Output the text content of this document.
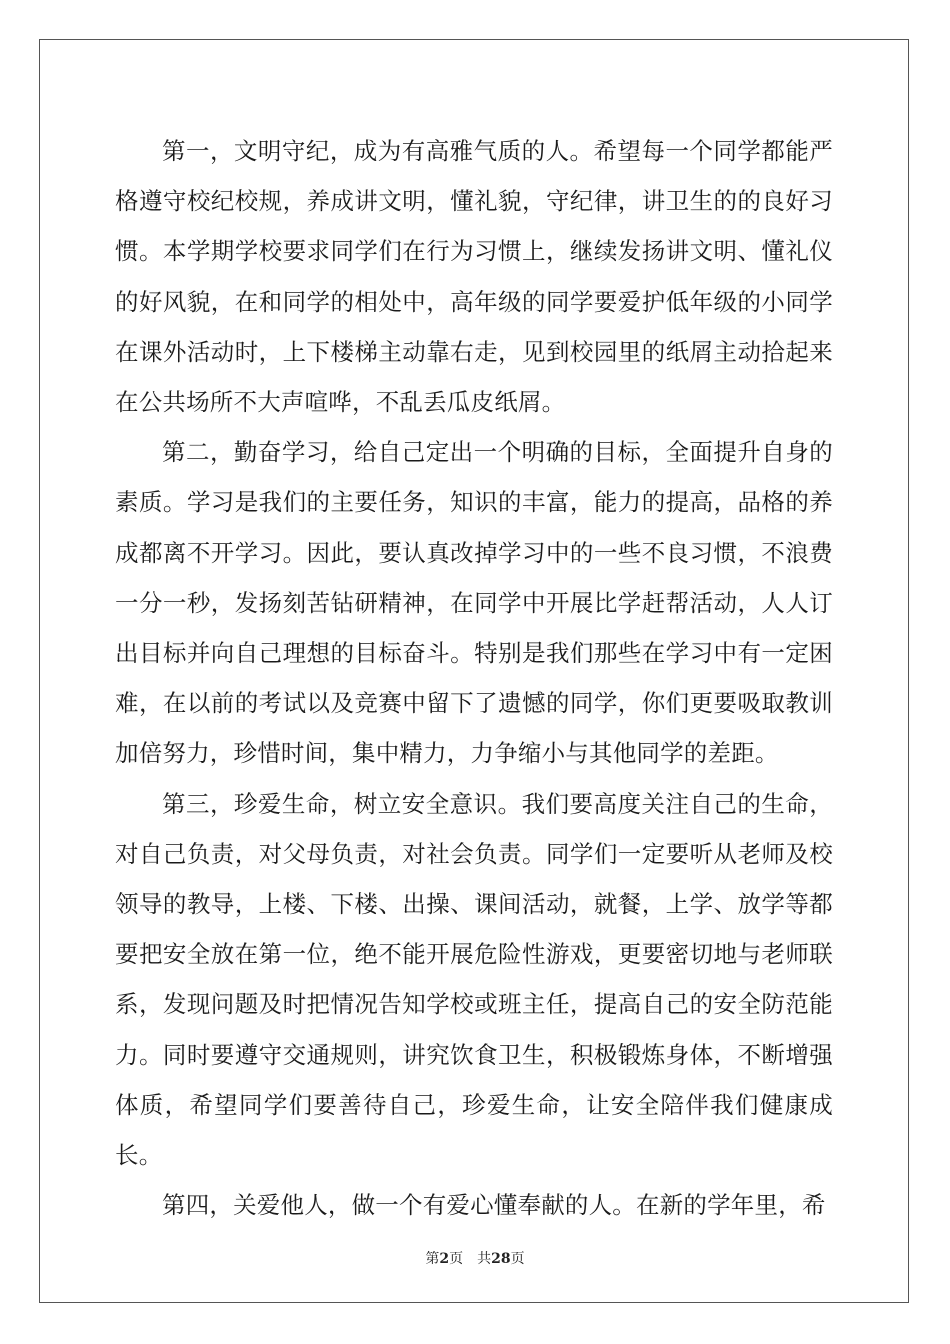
第一，文明守纪，成为有高雅气质的人。希望每一个同学都能严格遵守校纪校规，养成讲文明，懂礼貌，守纪律，讲卫生的的良好习惯。本学期学校要求同学们在行为习惯上，继续发扬讲文明、懂礼仪的好风貌，在和同学的相处中，高年级的同学要爱护低年级的小同学在课外活动时，上下楼梯主动靠右走，见到校园里的纸屑主动拾起来在公共场所不大声喧哗，不乱丢瓜皮纸屑。

第二，勤奋学习，给自己定出一个明确的目标，全面提升自身的素质。学习是我们的主要任务，知识的丰富，能力的提高，品格的养成都离不开学习。因此，要认真改掉学习中的一些不良习惯，不浪费一分一秒，发扬刻苦钻研精神，在同学中开展比学赶帮活动，人人订出目标并向自己理想的目标奋斗。特别是我们那些在学习中有一定困难，在以前的考试以及竞赛中留下了遗憾的同学，你们更要吸取教训加倍努力，珍惜时间，集中精力，力争缩小与其他同学的差距。

第三，珍爱生命，树立安全意识。我们要高度关注自己的生命，对自己负责，对父母负责，对社会负责。同学们一定要听从老师及校领导的教导，上楼、下楼、出操、课间活动，就餐，上学、放学等都要把安全放在第一位，绝不能开展危险性游戏，更要密切地与老师联系，发现问题及时把情况告知学校或班主任，提高自己的安全防范能力。同时要遵守交通规则，讲究饮食卫生，积极锻炼身体，不断增强体质，希望同学们要善待自己，珍爱生命，让安全陪伴我们健康成长。

第四，关爱他人，做一个有爱心懂奉献的人。在新的学年里，希

第2页 共28页
